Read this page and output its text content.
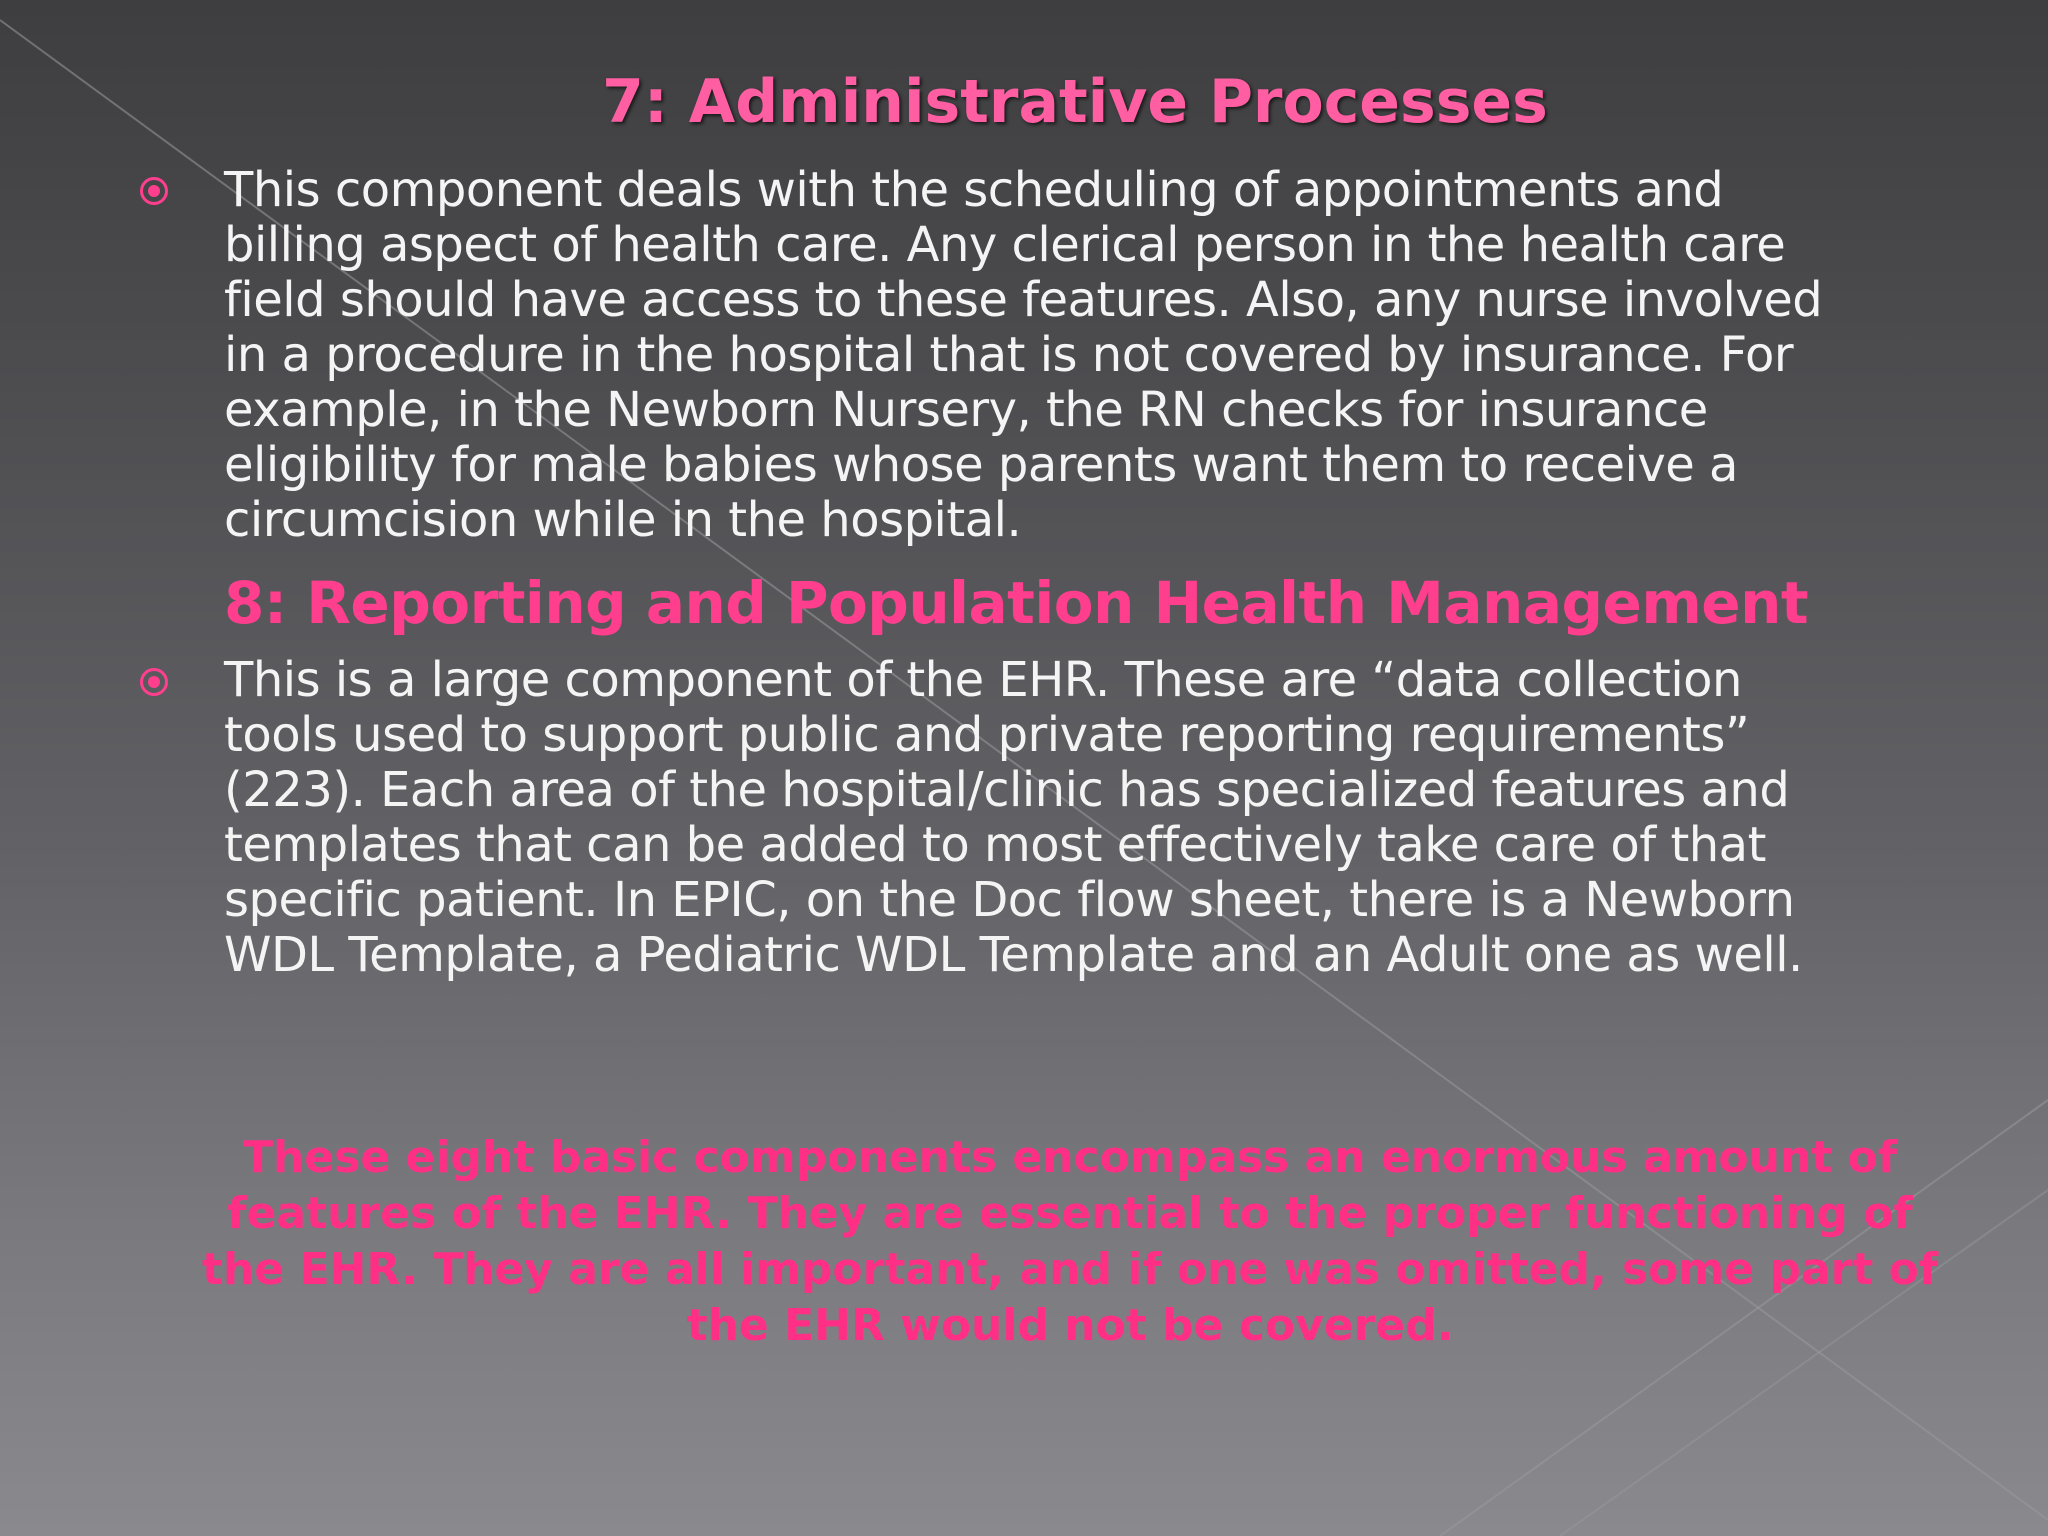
7: Administrative Processes
This component deals with the scheduling of appointments and
billing aspect of health care. Any clerical person in the health care
field should have access to these features. Also, any nurse involved
in a procedure in the hospital that is not covered by insurance. For
example, in the Newborn Nursery, the RN checks for insurance
eligibility for male babies whose parents want them to receive a
circumcision while in the hospital.
8: Reporting and Population Health Management
This is a large component of the EHR. These are “data collection
tools used to support public and private reporting requirements”
(223). Each area of the hospital/clinic has specialized features and
templates that can be added to most effectively take care of that
specific patient. In EPIC, on the Doc flow sheet, there is a Newborn
WDL Template, a Pediatric WDL Template and an Adult one as well.
These eight basic components encompass an enormous amount of
features of the EHR. They are essential to the proper functioning of
the EHR. They are all important, and if one was omitted, some part of
the EHR would not be covered.
